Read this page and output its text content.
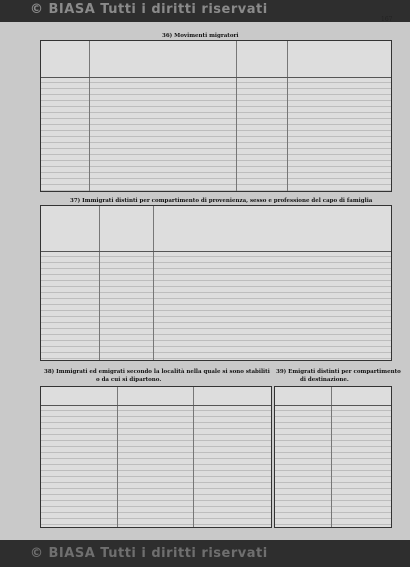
© BIASA Tutti i diritti riservati
167
36) Movimenti migratori
37) Immigrati distinti per compartimento di provenienza, sesso e professione del capo di famiglia
38) Immigrati ed emigrati secondo la località nella quale si sono stabiliti
o da cui si dipartono.
39) Emigrati distinti per compartimento
di destinazione.
© BIASA Tutti i diritti riservati
